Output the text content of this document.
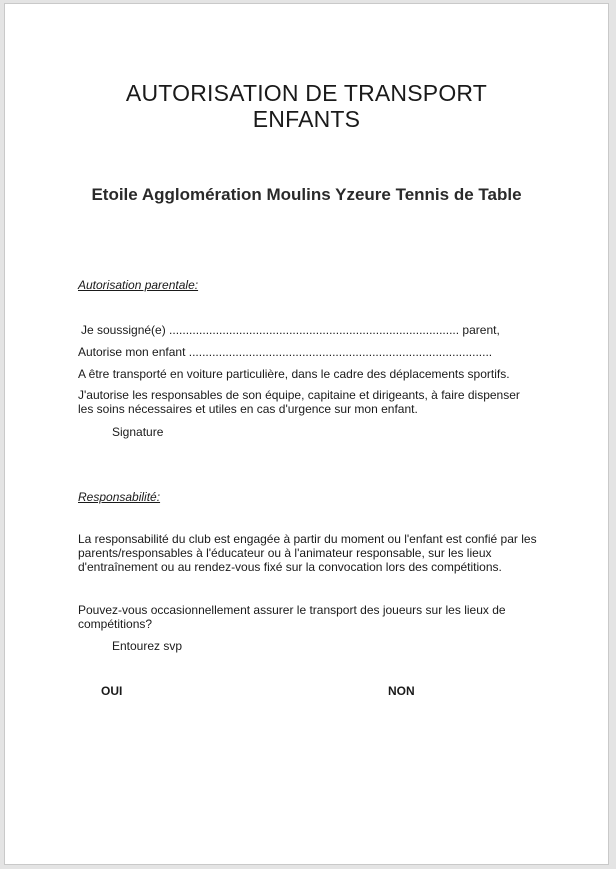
AUTORISATION DE TRANSPORT
ENFANTS
Etoile Agglomération Moulins Yzeure Tennis de Table

Autorisation parentale:

Je soussigné(e) ....................................................................................... parent,

Autorise mon enfant ...........................................................................................

A être transporté en voiture particulière, dans le cadre des déplacements sportifs.

J'autorise les responsables de son équipe, capitaine et dirigeants, à faire dispenser les soins nécessaires et utiles en cas d'urgence sur mon enfant.

Signature

Responsabilité:

La responsabilité du club est engagée à partir du moment ou l'enfant est confié par les parents/responsables à l'éducateur ou à l'animateur responsable, sur les lieux d'entraînement ou au rendez-vous fixé sur la convocation lors des compétitions.

Pouvez-vous occasionnellement assurer le transport des joueurs sur les lieux de compétitions?

Entourez svp

OUI	NON
